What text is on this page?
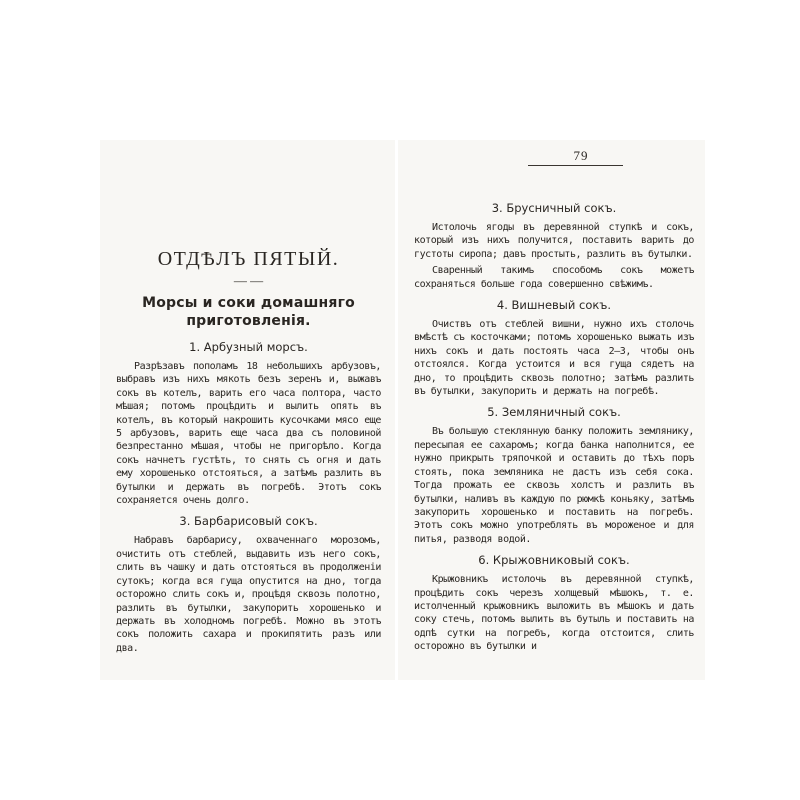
ОТДѢЛЪ ПЯТЫЙ.
— —
Морсы и соки домашняго приготовленія.
1. Арбузный морсъ.

Разрѣзавъ пополамъ 18 небольшихъ арбузовъ, выбравъ изъ нихъ мякоть безъ зеренъ и, выжавъ сокъ въ котелъ, варить его часа полтора, часто мѣшая; потомъ процѣдить и вылить опять въ котелъ, въ который накрошить кусочками мясо еще 5 арбузовъ, варить еще часа два съ половиной безпрестанно мѣшая, чтобы не пригорѣло. Когда сокъ начнетъ густѣть, то снять съ огня и дать ему хорошенько отстояться, а затѣмъ разлить въ бутылки и держать въ погребѣ. Этотъ сокъ сохраняется очень долго.

3. Барбарисовый сокъ.

Набравъ барбарису, охваченнаго морозомъ, очистить отъ стеблей, выдавить изъ него сокъ, слить въ чашку и дать отстояться въ продолженіи сутокъ; когда вся гуща опустится на дно, тогда осторожно слить сокъ и, процѣдя сквозь полотно, разлить въ бутылки, закупорить хорошенько и держать въ холодномъ погребѣ. Можно въ этотъ сокъ положить сахара и прокипятить разъ или два.

79
3. Брусничный сокъ.

Истолочь ягоды въ деревянной ступкѣ и сокъ, который изъ нихъ получится, поставить варить до густоты сиропа; давъ простыть, разлить въ бутылки.

Сваренный такимъ способомъ сокъ можетъ сохраняться больше года совершенно свѣжимъ.

4. Вишневый сокъ.

Очиствъ отъ стеблей вишни, нужно ихъ столочь вмѣстѣ съ косточками; потомъ хорошенько выжать изъ нихъ сокъ и дать постоять часа 2—3, чтобы онъ отстоялся. Когда устоится и вся гуща сядетъ на дно, то процѣдить сквозь полотно; затѣмъ разлить въ бутылки, закупорить и держать на погребѣ.

5. Земляничный сокъ.

Въ большую стеклянную банку положить землянику, пересыпая ее сахаромъ; когда банка наполнится, ее нужно прикрыть тряпочкой и оставить до тѣхъ поръ стоять, пока земляника не дастъ изъ себя сока. Тогда прожать ее сквозь холстъ и разлить въ бутылки, наливъ въ каждую по рюмкѣ коньяку, затѣмъ закупорить хорошенько и поставить на погребъ. Этотъ сокъ можно употреблять въ мороженое и для питья, разводя водой.

6. Крыжовниковый сокъ.

Крыжовникъ истолочь въ деревянной ступкѣ, процѣдить сокъ черезъ холщевый мѣшокъ, т. е. истолченный крыжовникъ выложить въ мѣшокъ и дать соку стечь, потомъ вылить въ бутыль и поставить на одпѣ сутки на погребъ, когда отстоится, слить осторожно въ бутылки и
